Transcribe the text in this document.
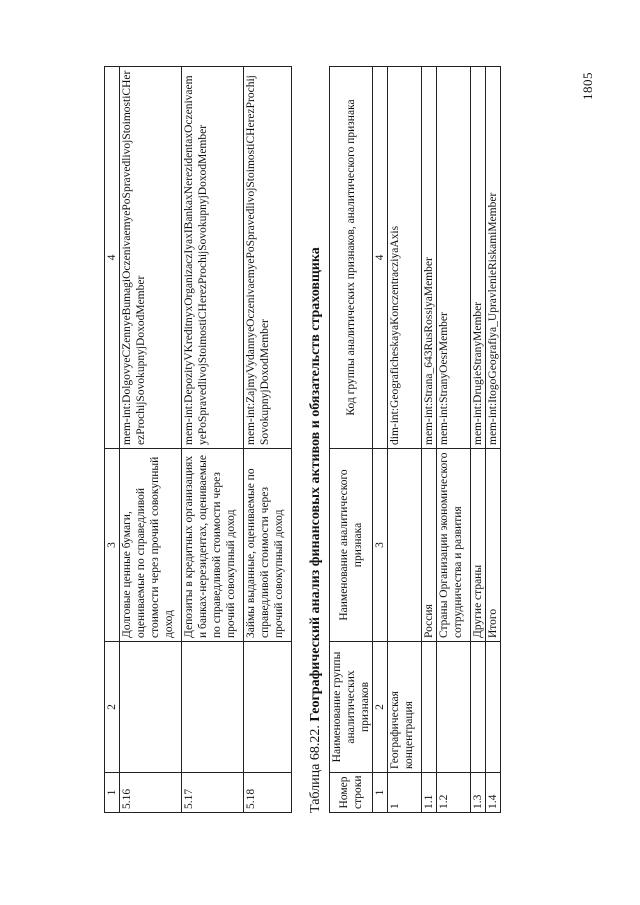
1805
1	2	3	4
5.16		Долговые ценные бумаги, оцениваемые по справедливой стоимости через прочий совокупный доход	mem-int:DolgovyeCZennyeBumagiOczenivaemyePoSpravedlivojStoimostiCHerezProchijSovokupnyjDoxodMember
5.17		Депозиты в кредитных организациях и банках-нерезидентах, оцениваемые по справедливой стоимости через прочий совокупный доход	mem-int:DepozityVKreditnyxOrganizaczIyaxIBankaxNerezidentaxOczenivaemyePoSpravedlivojStoimostiCHerezProchijSovokupnyjDoxodMember
5.18		Займы выданные, оцениваемые по справедливой стоимости через прочий совокупный доход	mem-int:ZajmyVydannyeOczenivaemyePoSpravedlivojStoimostiCHerezProchijSovokupnyjDoxodMember
Таблица 68.22. Географический анализ финансовых активов и обязательств страховщика
Номер строки	Наименование группы аналитических признаков	Наименование аналитического признака	Код группы аналитических признаков, аналитического признака
1	2	3	4
1	Географическая концентрация		dim-int:GeograficheskayaKonczentracziyaAxis
1.1		Россия	mem-int:Strana_643RusRossiyaMember
1.2		Страны Организации экономического сотрудничества и развития	mem-int:StranyOesrMember
1.3		Другие страны	mem-int:DrugieStranyMember
1.4		Итого	mem-int:ItogoGeografiya_UpravlenieRiskamiMember
